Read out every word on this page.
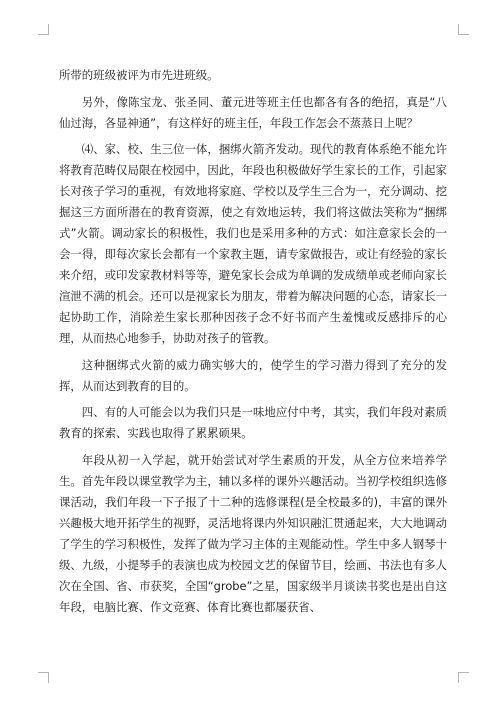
所带的班级被评为市先进班级。

另外，像陈宝龙、张圣同、董元进等班主任也都各有各的绝招，真是“八仙过海，各显神通”，有这样好的班主任，年段工作怎会不蒸蒸日上呢？

⑷、家、校、生三位一体，捆绑火箭齐发动。现代的教育体系绝不能允许将教育范畴仅局限在校园中，因此，年段也积极做好学生家长的工作，引起家长对孩子学习的重视，有效地将家庭、学校以及学生三合为一，充分调动、挖掘这三方面所潜在的教育资源，使之有效地运转，我们将这做法笑称为“捆绑式”火箭。调动家长的积极性，我们也是采用多种的方式：如注意家长会的一会一得，即每次家长会都有一个家教主题，请专家做报告，或让有经验的家长来介绍，或印发家教材料等等，避免家长会成为单调的发成绩单或老师向家长渲泄不满的机会。还可以是视家长为朋友，带着为解决问题的心态，请家长一起协助工作，消除差生家长那种因孩子念不好书而产生羞愧或反感排斥的心理，从而热心地参手，协助对孩子的管教。

这种捆绑式火箭的威力确实够大的，使学生的学习潜力得到了充分的发挥，从而达到教育的目的。

四、有的人可能会以为我们只是一味地应付中考，其实，我们年段对素质教育的探索、实践也取得了累累硕果。

年段从初一入学起，就开始尝试对学生素质的开发，从全方位来培养学生。首先年段以课堂教学为主，辅以多样的课外兴趣活动。当初学校组织选修课活动，我们年段一下子报了十二种的选修课程(是全校最多的)，丰富的课外兴趣极大地开拓学生的视野，灵活地将课内外知识融汇贯通起来，大大地调动了学生的学习积极性，发挥了做为学习主体的主观能动性。学生中多人钢琴十级、九级，小提琴手的表演也成为校园文艺的保留节目，绘画、书法也有多人次在全国、省、市获奖，全国“grobe”之星，国家级半月谈读书奖也是出自这年段，电脑比赛、作文竞赛、体育比赛也都屡获省、
